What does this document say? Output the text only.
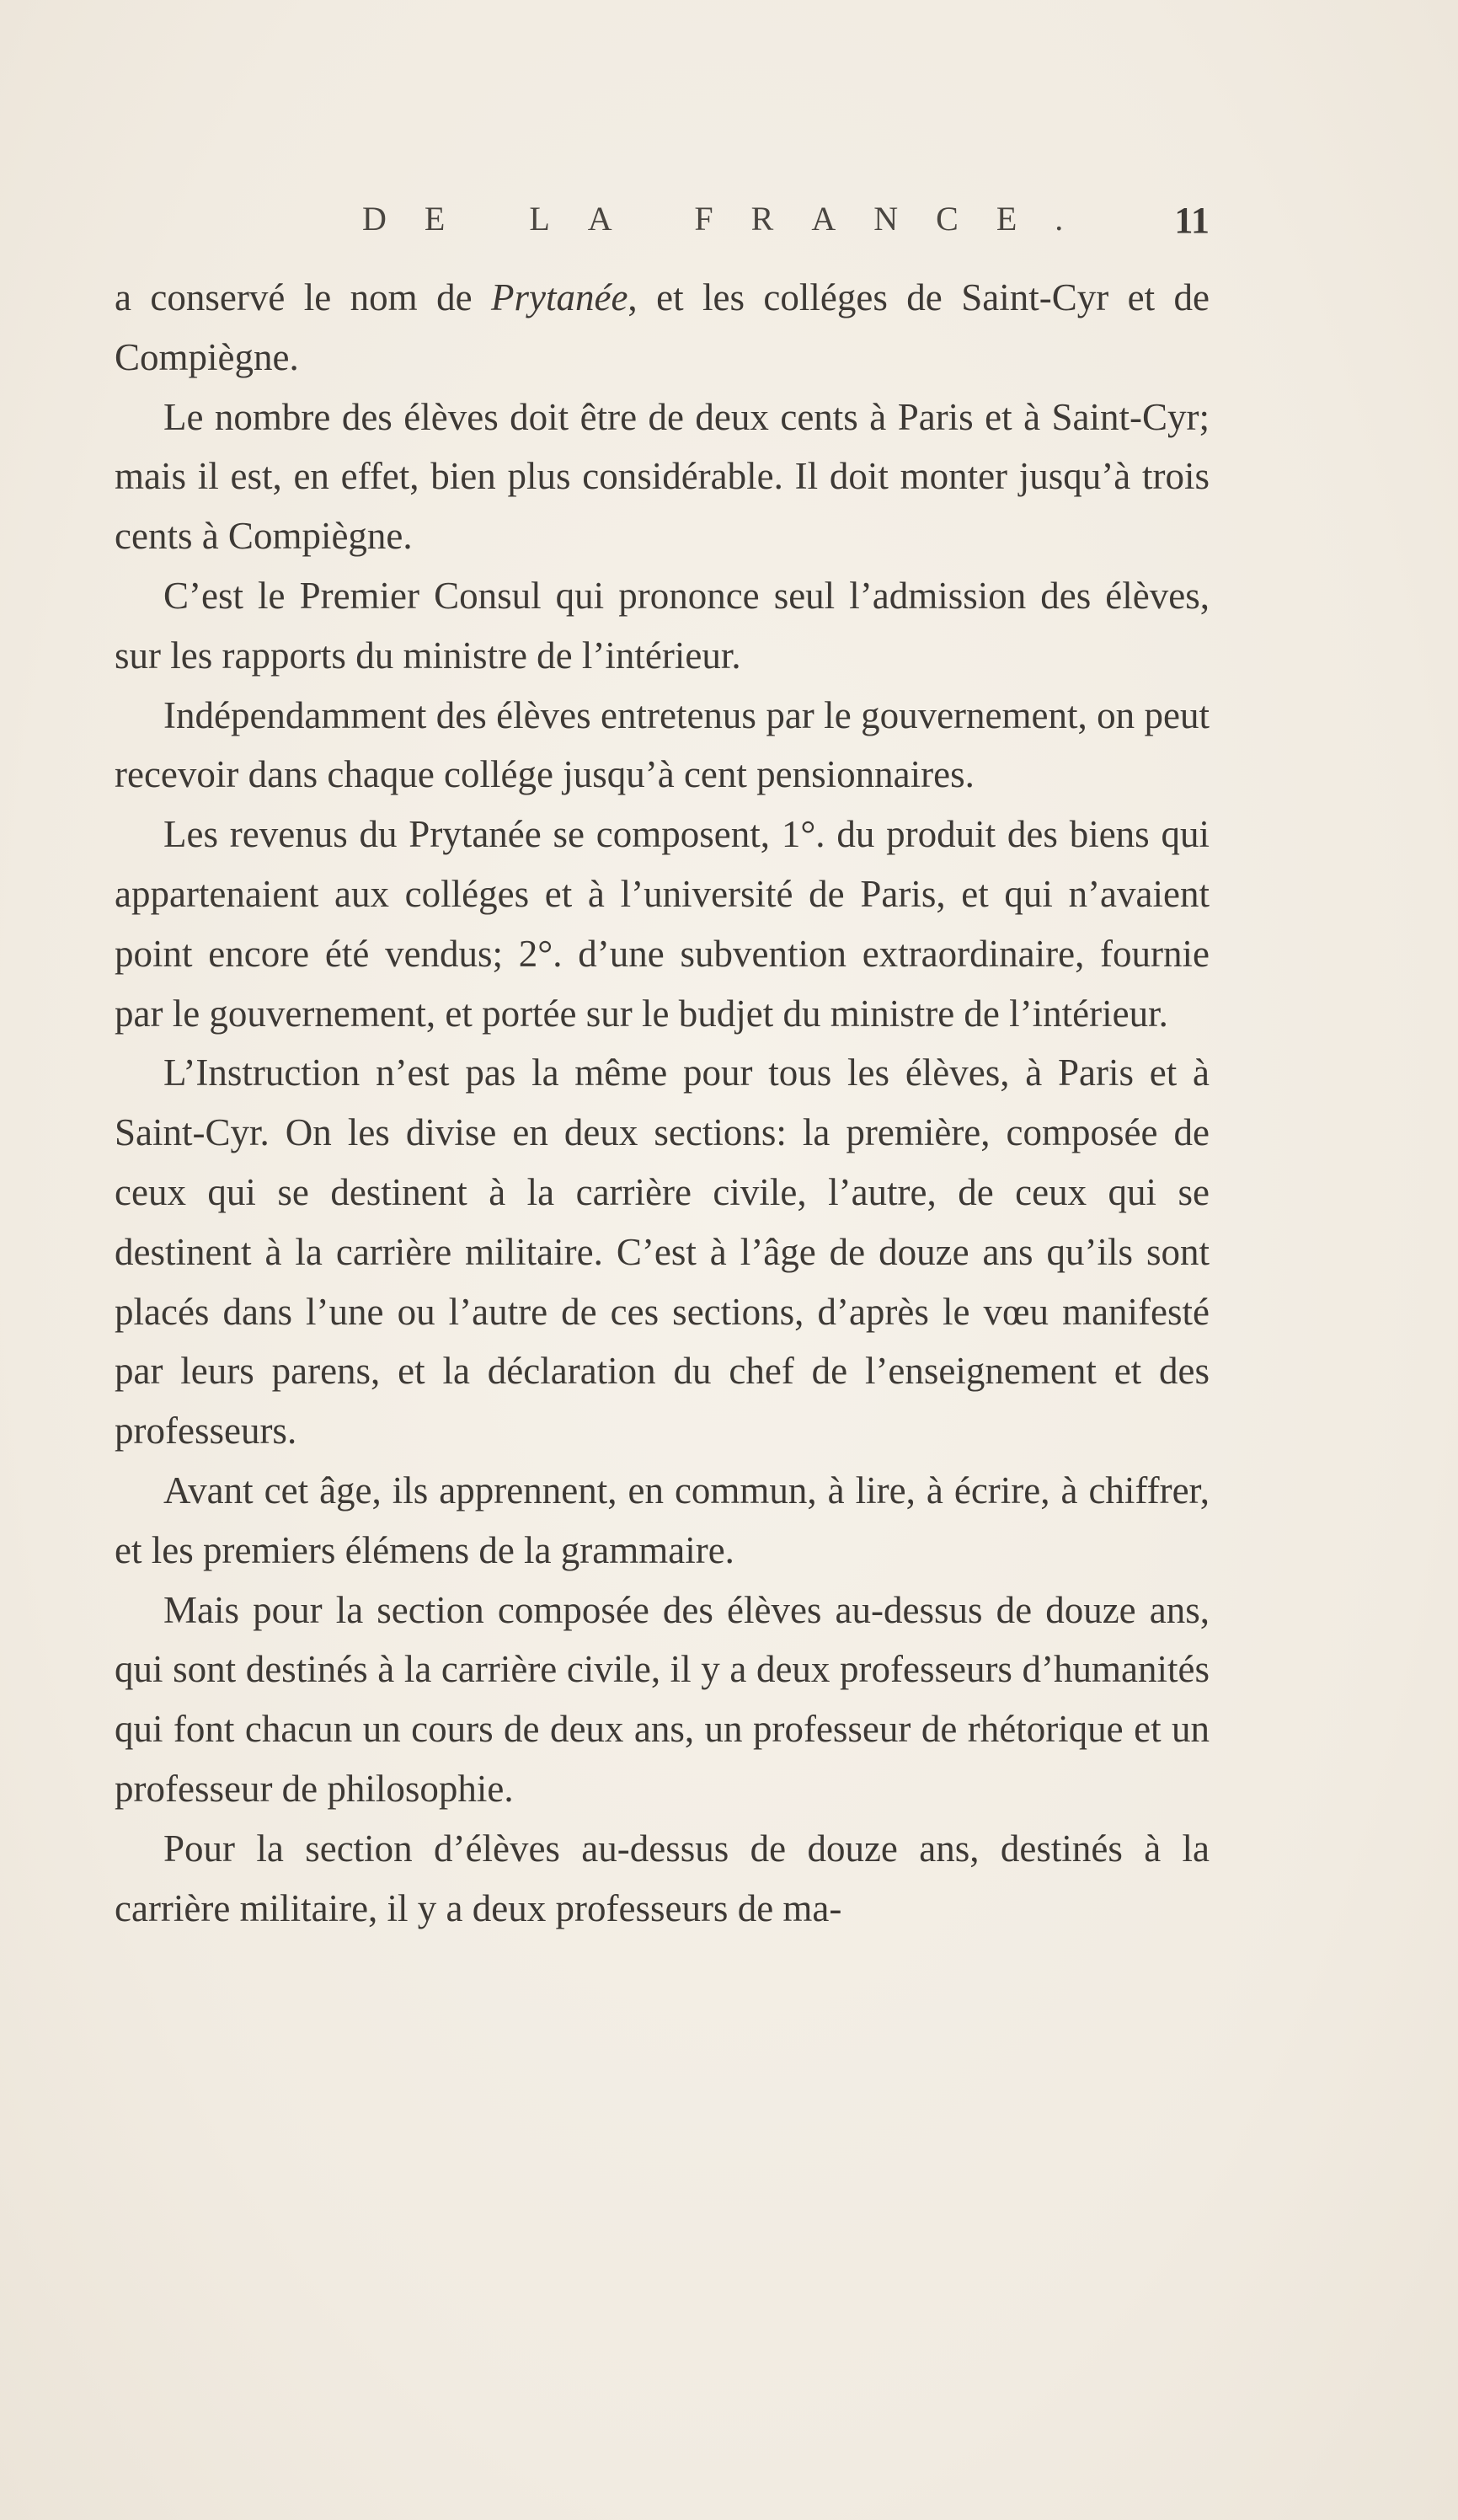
DE LA FRANCE. 11

a conservé le nom de Prytanée, et les colléges de Saint-Cyr et de Compiègne.

Le nombre des élèves doit être de deux cents à Paris et à Saint-Cyr; mais il est, en effet, bien plus considérable. Il doit monter jusqu’à trois cents à Compiègne.

C’est le Premier Consul qui prononce seul l’admission des élèves, sur les rapports du ministre de l’intérieur.

Indépendamment des élèves entretenus par le gouvernement, on peut recevoir dans chaque collége jusqu’à cent pensionnaires.

Les revenus du Prytanée se composent, 1°. du produit des biens qui appartenaient aux colléges et à l’université de Paris, et qui n’avaient point encore été vendus; 2°. d’une subvention extraordinaire, fournie par le gouvernement, et portée sur le budjet du ministre de l’intérieur.

L’Instruction n’est pas la même pour tous les élèves, à Paris et à Saint-Cyr. On les divise en deux sections: la première, composée de ceux qui se destinent à la carrière civile, l’autre, de ceux qui se destinent à la carrière militaire. C’est à l’âge de douze ans qu’ils sont placés dans l’une ou l’autre de ces sections, d’après le vœu manifesté par leurs parens, et la déclaration du chef de l’enseignement et des professeurs.

Avant cet âge, ils apprennent, en commun, à lire, à écrire, à chiffrer, et les premiers élémens de la grammaire.

Mais pour la section composée des élèves au-dessus de douze ans, qui sont destinés à la carrière civile, il y a deux professeurs d’humanités qui font chacun un cours de deux ans, un professeur de rhétorique et un professeur de philosophie.

Pour la section d’élèves au-dessus de douze ans, destinés à la carrière militaire, il y a deux professeurs de ma-
